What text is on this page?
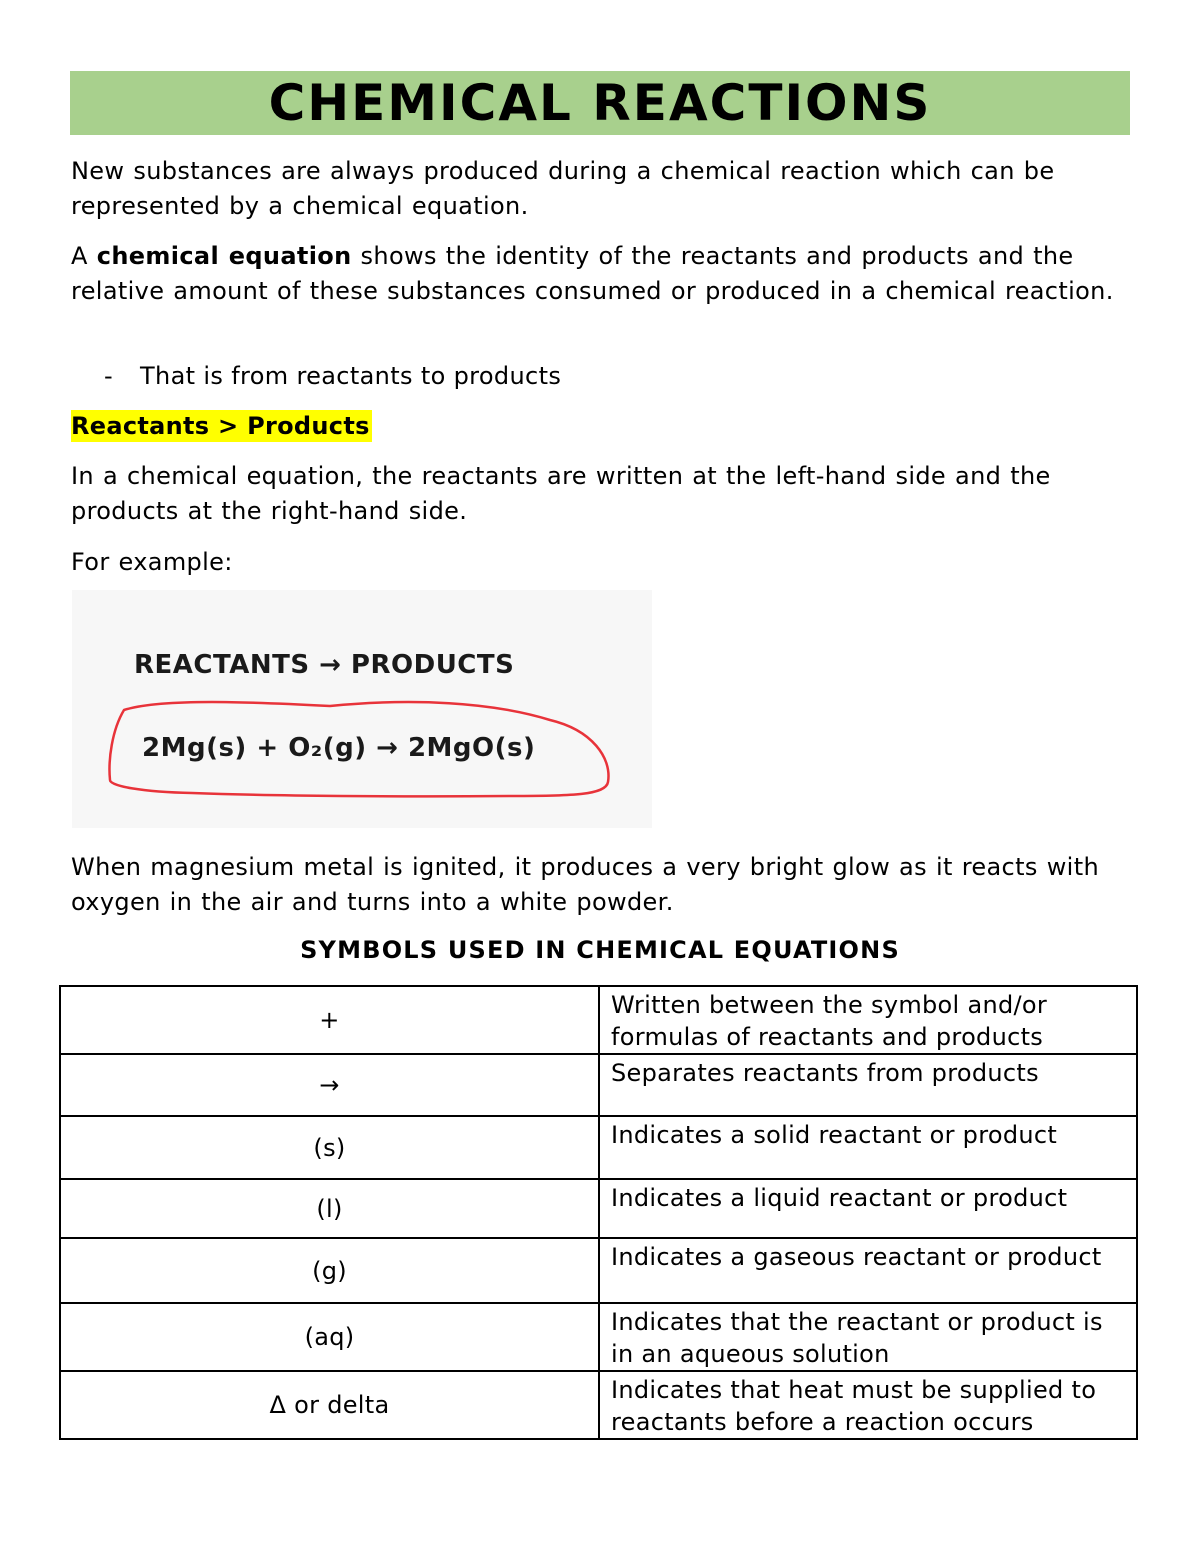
CHEMICAL REACTIONS

New substances are always produced during a chemical reaction which can be represented by a chemical equation.

A chemical equation shows the identity of the reactants and products and the relative amount of these substances consumed or produced in a chemical reaction.

- That is from reactants to products
Reactants > Products

In a chemical equation, the reactants are written at the left-hand side and the products at the right-hand side.

For example:

REACTANTS → PRODUCTS
2Mg(s) + O₂(g) → 2MgO(s)

When magnesium metal is ignited, it produces a very bright glow as it reacts with oxygen in the air and turns into a white powder.

SYMBOLS USED IN CHEMICAL EQUATIONS
+	Written between the symbol and/or formulas of reactants and products
→	Separates reactants from products
(s)	Indicates a solid reactant or product
(l)	Indicates a liquid reactant or product
(g)	Indicates a gaseous reactant or product
(aq)	Indicates that the reactant or product is in an aqueous solution
Δ or delta	Indicates that heat must be supplied to reactants before a reaction occurs
